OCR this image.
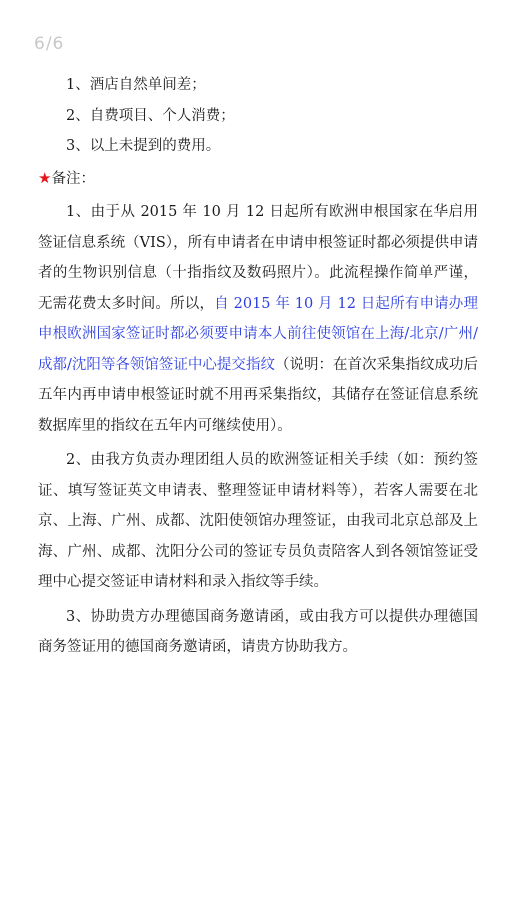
6/6

1、酒店自然单间差；

2、自费项目、个人消费；

3、以上未提到的费用。

★备注：
1、由于从 2015 年 10 月 12 日起所有欧洲申根国家在华启用签证信息系统（VIS），所有申请者在申请申根签证时都必须提供申请者的生物识别信息（十指指纹及数码照片）。此流程操作简单严谨，无需花费太多时间。所以，自 2015 年 10 月 12 日起所有申请办理申根欧洲国家签证时都必须要申请本人前往使领馆在上海/北京/广州/成都/沈阳等各领馆签证中心提交指纹（说明：在首次采集指纹成功后五年内再申请申根签证时就不用再采集指纹，其储存在签证信息系统数据库里的指纹在五年内可继续使用）。
2、由我方负责办理团组人员的欧洲签证相关手续（如：预约签证、填写签证英文申请表、整理签证申请材料等），若客人需要在北京、上海、广州、成都、沈阳使领馆办理签证，由我司北京总部及上海、广州、成都、沈阳分公司的签证专员负责陪客人到各领馆签证受理中心提交签证申请材料和录入指纹等手续。
3、协助贵方办理德国商务邀请函，或由我方可以提供办理德国商务签证用的德国商务邀请函，请贵方协助我方。
